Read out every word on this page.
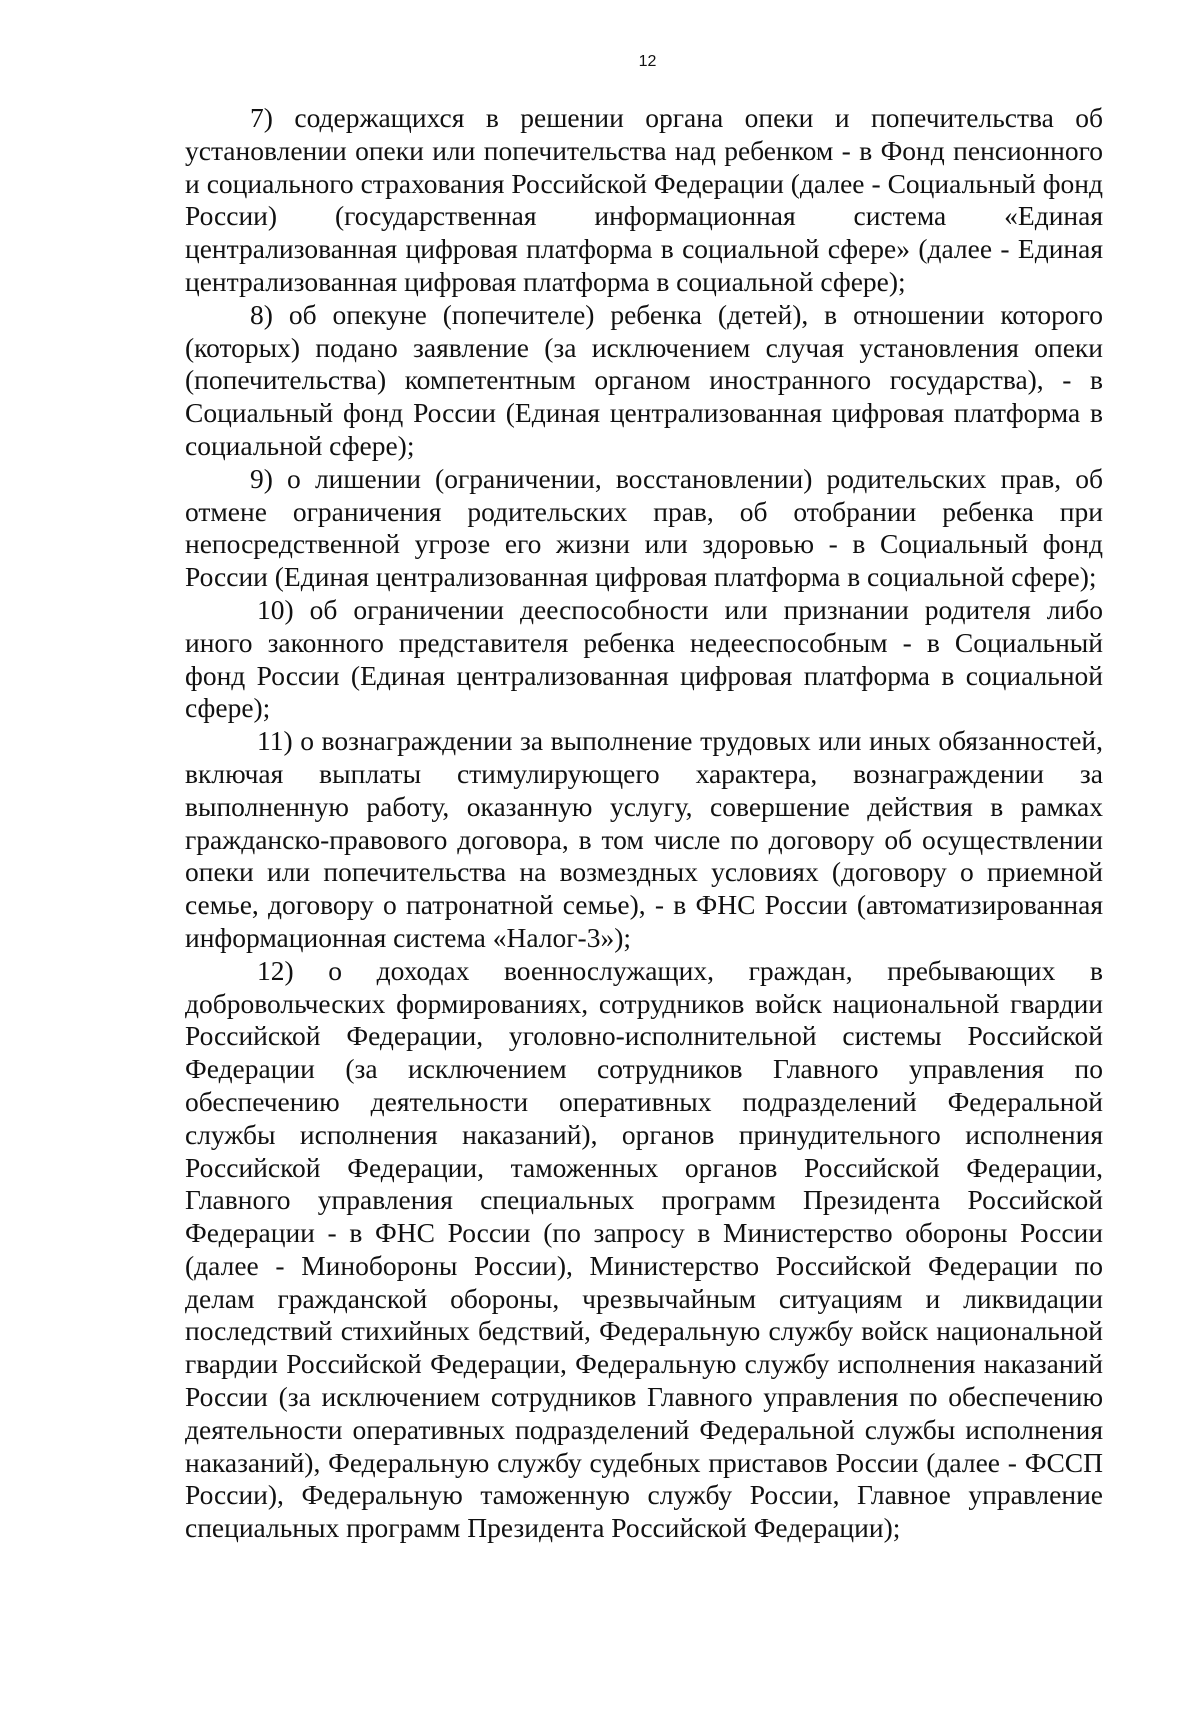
12

7) содержащихся в решении органа опеки и попечительства об установлении опеки или попечительства над ребенком - в Фонд пенсионного и социального страхования Российской Федерации (далее - Социальный фонд России) (государственная информационная система «Единая централизованная цифровая платформа в социальной сфере» (далее - Единая централизованная цифровая платформа в социальной сфере);

8) об опекуне (попечителе) ребенка (детей), в отношении которого (которых) подано заявление (за исключением случая установления опеки (попечительства) компетентным органом иностранного государства), - в Социальный фонд России (Единая централизованная цифровая платформа в социальной сфере);

9) о лишении (ограничении, восстановлении) родительских прав, об отмене ограничения родительских прав, об отобрании ребенка при непосредственной угрозе его жизни или здоровью - в Социальный фонд России (Единая централизованная цифровая платформа в социальной сфере);

10) об ограничении дееспособности или признании родителя либо иного законного представителя ребенка недееспособным - в Социальный фонд России (Единая централизованная цифровая платформа в социальной сфере);

11) о вознаграждении за выполнение трудовых или иных обязанностей, включая выплаты стимулирующего характера, вознаграждении за выполненную работу, оказанную услугу, совершение действия в рамках гражданско-правового договора, в том числе по договору об осуществлении опеки или попечительства на возмездных условиях (договору о приемной семье, договору о патронатной семье), - в ФНС России (автоматизированная информационная система «Налог-3»);

12) о доходах военнослужащих, граждан, пребывающих в добровольческих формированиях, сотрудников войск национальной гвардии Российской Федерации, уголовно-исполнительной системы Российской Федерации (за исключением сотрудников Главного управления по обеспечению деятельности оперативных подразделений Федеральной службы исполнения наказаний), органов принудительного исполнения Российской Федерации, таможенных органов Российской Федерации, Главного управления специальных программ Президента Российской Федерации - в ФНС России (по запросу в Министерство обороны России (далее - Минобороны России), Министерство Российской Федерации по делам гражданской обороны, чрезвычайным ситуациям и ликвидации последствий стихийных бедствий, Федеральную службу войск национальной гвардии Российской Федерации, Федеральную службу исполнения наказаний России (за исключением сотрудников Главного управления по обеспечению деятельности оперативных подразделений Федеральной службы исполнения наказаний), Федеральную службу судебных приставов России (далее - ФССП России), Федеральную таможенную службу России, Главное управление специальных программ Президента Российской Федерации);
